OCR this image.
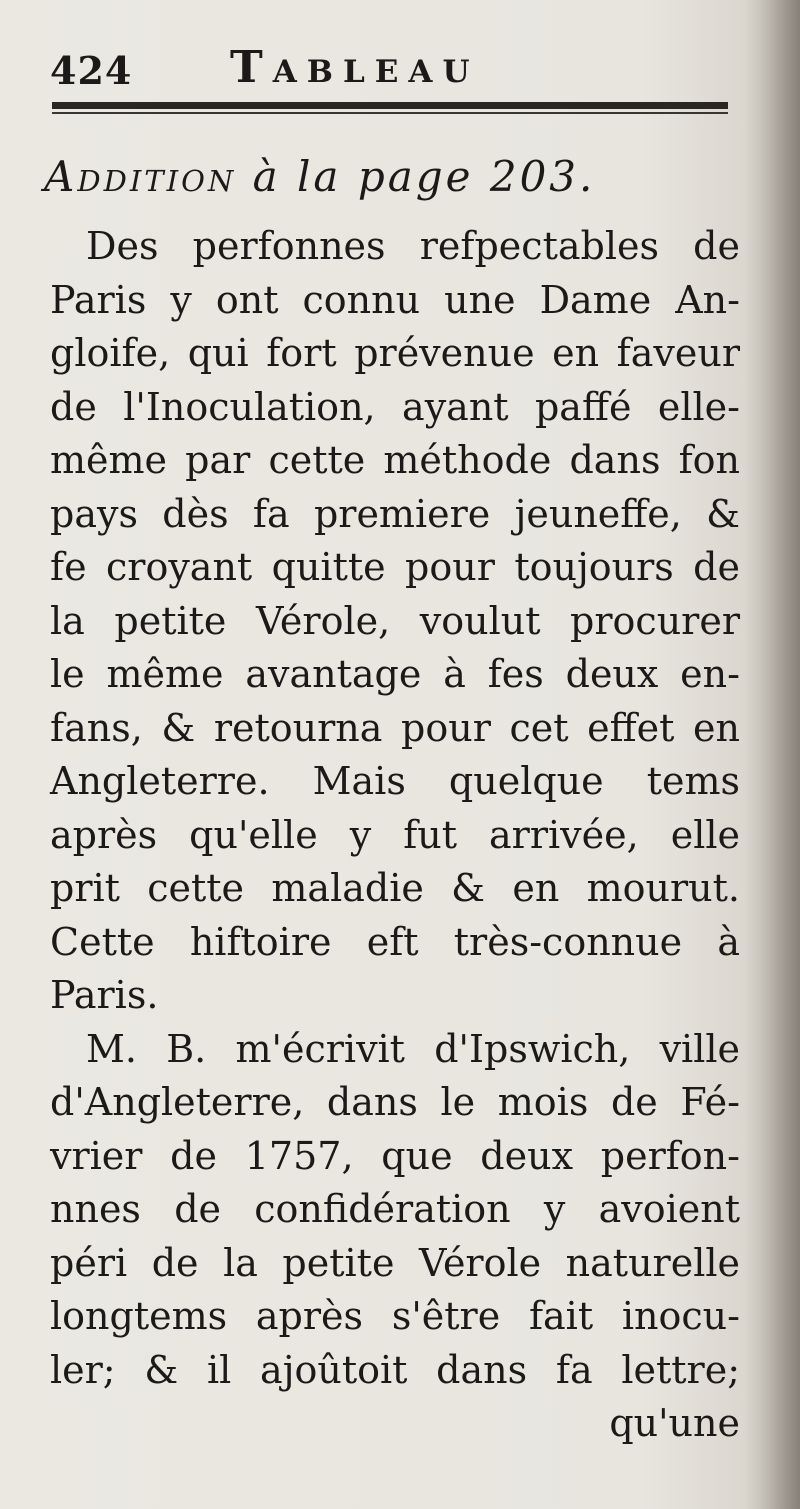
424 Tableau
Addition à la page 203.
Des perfonnes refpectables de
Paris y ont connu une Dame An-
gloife, qui fort prévenue en faveur
de l'Inoculation, ayant paffé elle-
même par cette méthode dans fon
pays dès fa premiere jeuneffe, &
fe croyant quitte pour toujours de
la petite Vérole, voulut procurer
le même avantage à fes deux en-
fans, & retourna pour cet effet en
Angleterre. Mais quelque tems
après qu'elle y fut arrivée, elle
prit cette maladie & en mourut.
Cette hiftoire eft très-connue à
Paris.
M. B. m'écrivit d'Ipswich, ville
d'Angleterre, dans le mois de Fé-
vrier de 1757, que deux perfon-
nnes de confidération y avoient
péri de la petite Vérole naturelle
longtems après s'être fait inocu-
ler; & il ajoûtoit dans fa lettre;
qu'une
